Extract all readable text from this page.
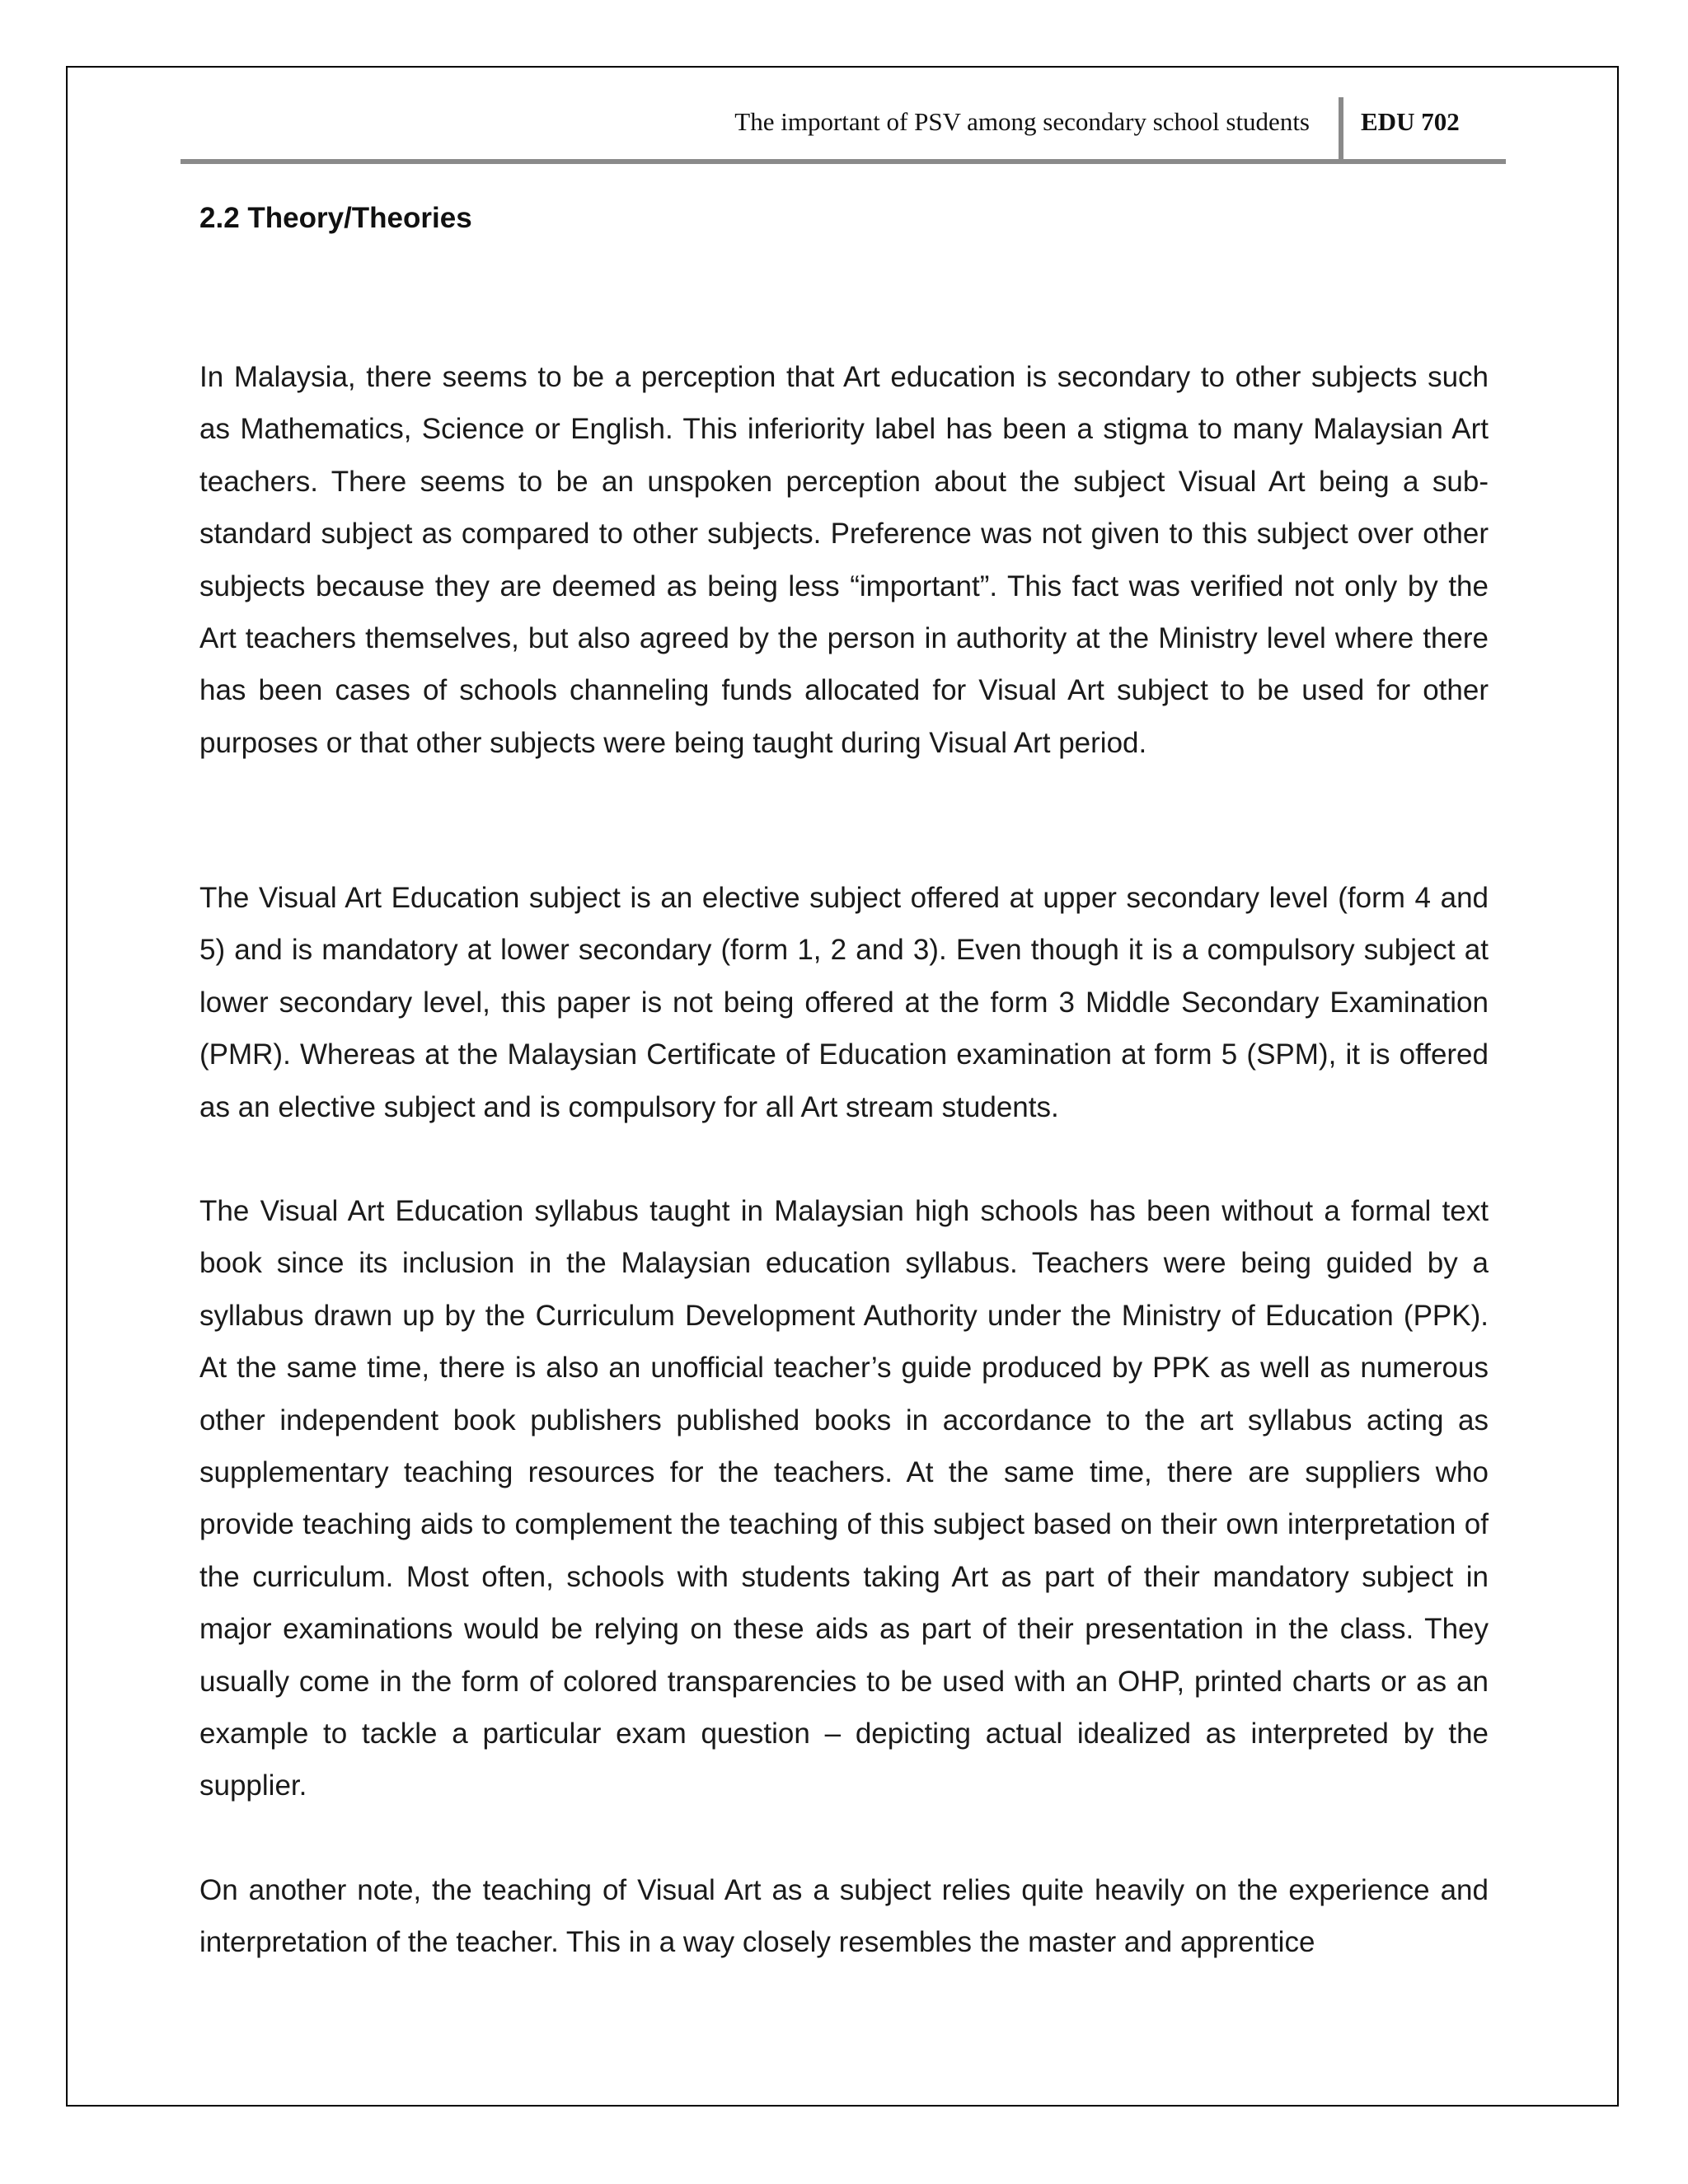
The important of PSV among secondary school students EDU 702
2.2 Theory/Theories

In Malaysia, there seems to be a perception that Art education is secondary to other subjects such as Mathematics, Science or English. This inferiority label has been a stigma to many Malaysian Art teachers. There seems to be an unspoken perception about the subject Visual Art being a sub-standard subject as compared to other subjects. Preference was not given to this subject over other subjects because they are deemed as being less “important”. This fact was verified not only by the Art teachers themselves, but also agreed by the person in authority at the Ministry level where there has been cases of schools channeling funds allocated for Visual Art subject to be used for other purposes or that other subjects were being taught during Visual Art period.

The Visual Art Education subject is an elective subject offered at upper secondary level (form 4 and 5) and is mandatory at lower secondary (form 1, 2 and 3). Even though it is a compulsory subject at lower secondary level, this paper is not being offered at the form 3 Middle Secondary Examination (PMR). Whereas at the Malaysian Certificate of Education examination at form 5 (SPM), it is offered as an elective subject and is compulsory for all Art stream students.

The Visual Art Education syllabus taught in Malaysian high schools has been without a formal text book since its inclusion in the Malaysian education syllabus. Teachers were being guided by a syllabus drawn up by the Curriculum Development Authority under the Ministry of Education (PPK). At the same time, there is also an unofficial teacher’s guide produced by PPK as well as numerous other independent book publishers published books in accordance to the art syllabus acting as supplementary teaching resources for the teachers. At the same time, there are suppliers who provide teaching aids to complement the teaching of this subject based on their own interpretation of the curriculum. Most often, schools with students taking Art as part of their mandatory subject in major examinations would be relying on these aids as part of their presentation in the class. They usually come in the form of colored transparencies to be used with an OHP, printed charts or as an example to tackle a particular exam question – depicting actual idealized as interpreted by the supplier.

On another note, the teaching of Visual Art as a subject relies quite heavily on the experience and interpretation of the teacher. This in a way closely resembles the master and apprentice
